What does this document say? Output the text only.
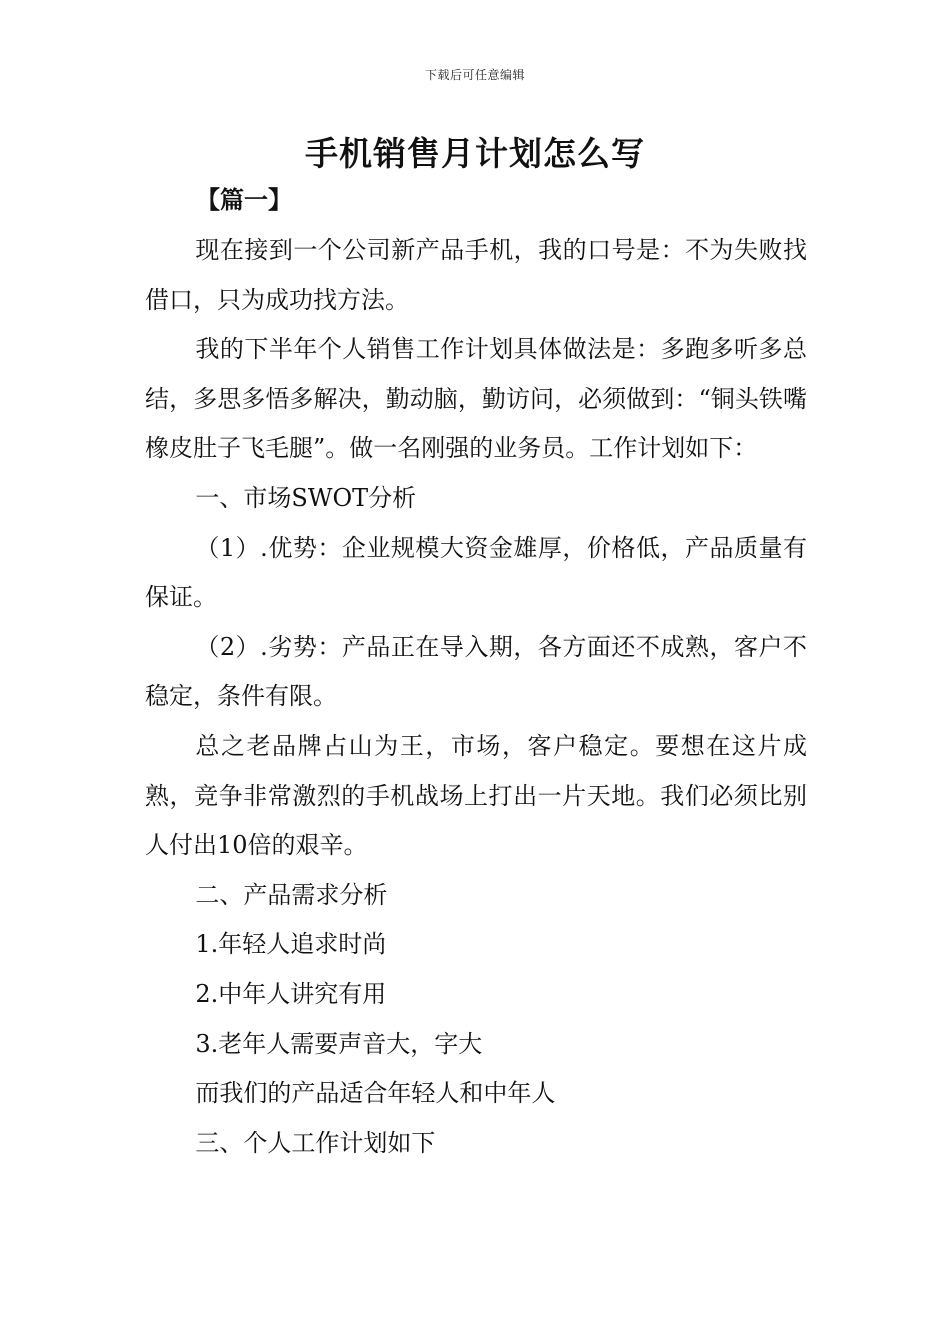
下载后可任意编辑
手机销售月计划怎么写
【篇一】

现在接到一个公司新产品手机，我的口号是：不为失败找借口，只为成功找方法。

我的下半年个人销售工作计划具体做法是：多跑多听多总结，多思多悟多解决，勤动脑，勤访问，必须做到：“铜头铁嘴橡皮肚子飞毛腿”。做一名刚强的业务员。工作计划如下：

一、市场SWOT分析

（1）.优势：企业规模大资金雄厚，价格低，产品质量有保证。

（2）.劣势：产品正在导入期，各方面还不成熟，客户不稳定，条件有限。

总之老品牌占山为王，市场，客户稳定。要想在这片成熟，竞争非常激烈的手机战场上打出一片天地。我们必须比别人付出10倍的艰辛。

二、产品需求分析

1.年轻人追求时尚

2.中年人讲究有用

3.老年人需要声音大，字大

而我们的产品适合年轻人和中年人

三、个人工作计划如下
